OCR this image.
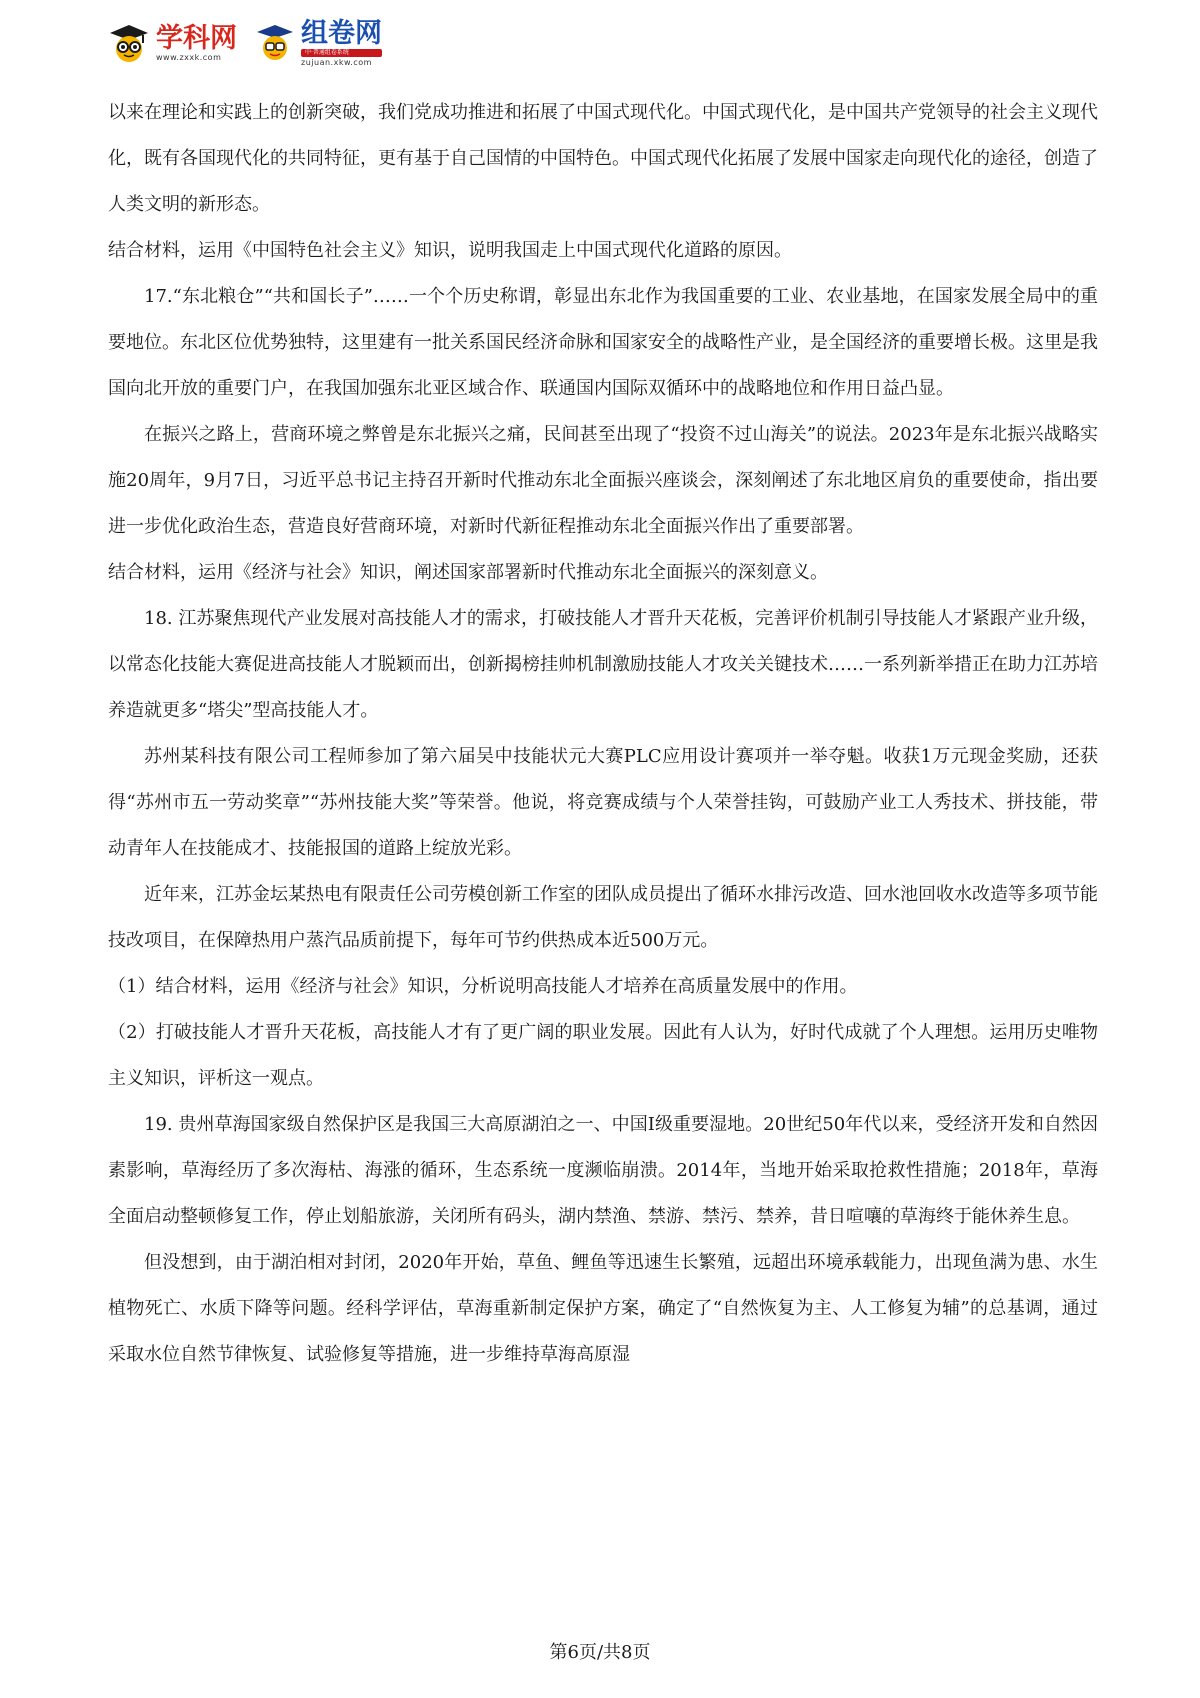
学科网
www.zxxk.com
组卷网
中·普通组卷系统
zujuan.xkw.com

以来在理论和实践上的创新突破，我们党成功推进和拓展了中国式现代化。中国式现代化，是中国共产党领导的社会主义现代化，既有各国现代化的共同特征，更有基于自己国情的中国特色。中国式现代化拓展了发展中国家走向现代化的途径，创造了人类文明的新形态。

结合材料，运用《中国特色社会主义》知识，说明我国走上中国式现代化道路的原因。

17.“东北粮仓”“共和国长子”……一个个历史称谓，彰显出东北作为我国重要的工业、农业基地，在国家发展全局中的重要地位。东北区位优势独特，这里建有一批关系国民经济命脉和国家安全的战略性产业，是全国经济的重要增长极。这里是我国向北开放的重要门户，在我国加强东北亚区域合作、联通国内国际双循环中的战略地位和作用日益凸显。

在振兴之路上，营商环境之弊曾是东北振兴之痛，民间甚至出现了“投资不过山海关”的说法。2023年是东北振兴战略实施20周年，9月7日，习近平总书记主持召开新时代推动东北全面振兴座谈会，深刻阐述了东北地区肩负的重要使命，指出要进一步优化政治生态，营造良好营商环境，对新时代新征程推动东北全面振兴作出了重要部署。

结合材料，运用《经济与社会》知识，阐述国家部署新时代推动东北全面振兴的深刻意义。

18. 江苏聚焦现代产业发展对高技能人才的需求，打破技能人才晋升天花板，完善评价机制引导技能人才紧跟产业升级，以常态化技能大赛促进高技能人才脱颖而出，创新揭榜挂帅机制激励技能人才攻关关键技术……一系列新举措正在助力江苏培养造就更多“塔尖”型高技能人才。

苏州某科技有限公司工程师参加了第六届吴中技能状元大赛PLC应用设计赛项并一举夺魁。收获1万元现金奖励，还获得“苏州市五一劳动奖章”“苏州技能大奖”等荣誉。他说，将竞赛成绩与个人荣誉挂钩，可鼓励产业工人秀技术、拼技能，带动青年人在技能成才、技能报国的道路上绽放光彩。

近年来，江苏金坛某热电有限责任公司劳模创新工作室的团队成员提出了循环水排污改造、回水池回收水改造等多项节能技改项目，在保障热用户蒸汽品质前提下，每年可节约供热成本近500万元。

（1）结合材料，运用《经济与社会》知识，分析说明高技能人才培养在高质量发展中的作用。

（2）打破技能人才晋升天花板，高技能人才有了更广阔的职业发展。因此有人认为，好时代成就了个人理想。运用历史唯物主义知识，评析这一观点。

19. 贵州草海国家级自然保护区是我国三大高原湖泊之一、中国Ⅰ级重要湿地。20世纪50年代以来，受经济开发和自然因素影响，草海经历了多次海枯、海涨的循环，生态系统一度濒临崩溃。2014年，当地开始采取抢救性措施；2018年，草海全面启动整顿修复工作，停止划船旅游，关闭所有码头，湖内禁渔、禁游、禁污、禁养，昔日喧嚷的草海终于能休养生息。

但没想到，由于湖泊相对封闭，2020年开始，草鱼、鲤鱼等迅速生长繁殖，远超出环境承载能力，出现鱼满为患、水生植物死亡、水质下降等问题。经科学评估，草海重新制定保护方案，确定了“自然恢复为主、人工修复为辅”的总基调，通过采取水位自然节律恢复、试验修复等措施，进一步维持草海高原湿

第6页/共8页
